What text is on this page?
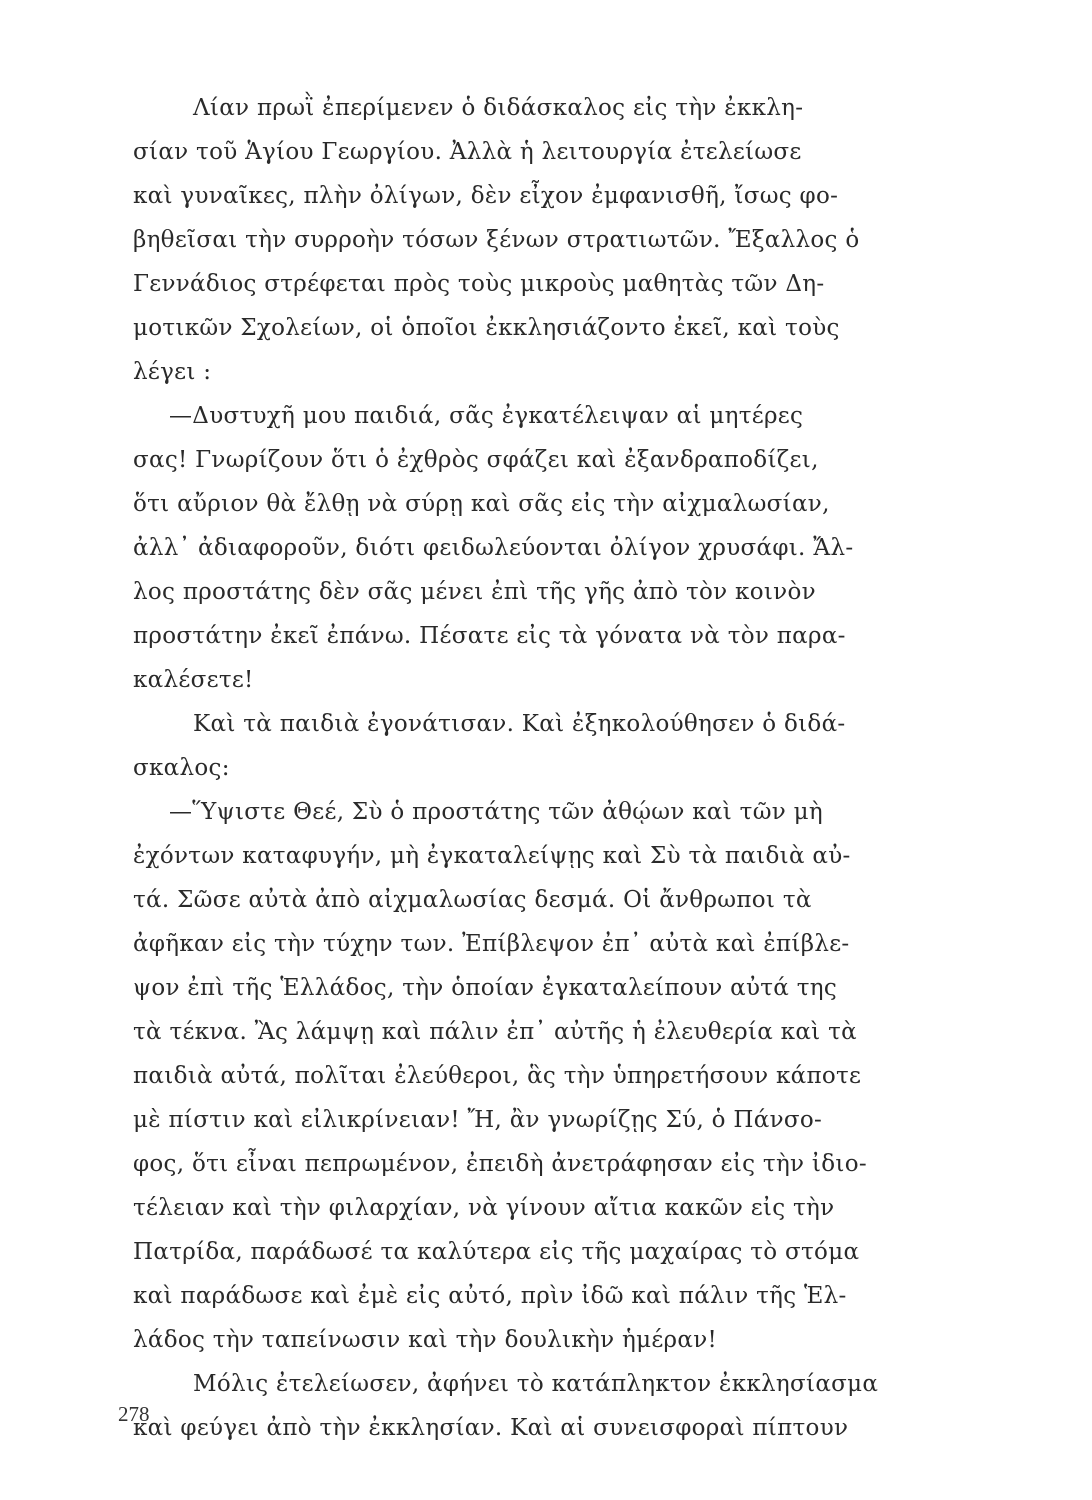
Λίαν πρωῒ ἐπερίμενεν ὁ διδάσκαλος εἰς τὴν ἐκκλη-
σίαν τοῦ Ἁγίου Γεωργίου. Ἀλλὰ ἡ λειτουργία ἐτελείωσε
καὶ γυναῖκες, πλὴν ὀλίγων, δὲν εἶχον ἐμφανισθῆ, ἴσως φο-
βηθεῖσαι τὴν συρροὴν τόσων ξένων στρατιωτῶν. Ἔξαλλος ὁ
Γεννάδιος στρέφεται πρὸς τοὺς μικροὺς μαθητὰς τῶν Δη-
μοτικῶν Σχολείων, οἱ ὁποῖοι ἐκκλησιάζοντο ἐκεῖ, καὶ τοὺς
λέγει :
—Δυστυχῆ μου παιδιά, σᾶς ἐγκατέλειψαν αἱ μητέρες
σας! Γνωρίζουν ὅτι ὁ ἐχθρὸς σφάζει καὶ ἐξανδραποδίζει,
ὅτι αὔριον θὰ ἔλθῃ νὰ σύρῃ καὶ σᾶς εἰς τὴν αἰχμαλωσίαν,
ἀλλ᾽ ἀδιαφοροῦν, διότι φειδωλεύονται ὀλίγον χρυσάφι. Ἄλ-
λος προστάτης δὲν σᾶς μένει ἐπὶ τῆς γῆς ἀπὸ τὸν κοινὸν
προστάτην ἐκεῖ ἐπάνω. Πέσατε εἰς τὰ γόνατα νὰ τὸν παρα-
καλέσετε!
Καὶ τὰ παιδιὰ ἐγονάτισαν. Καὶ ἐξηκολούθησεν ὁ διδά-
σκαλος:
—Ὕψιστε Θεέ, Σὺ ὁ προστάτης τῶν ἀθῴων καὶ τῶν μὴ
ἐχόντων καταφυγήν, μὴ ἐγκαταλείψῃς καὶ Σὺ τὰ παιδιὰ αὐ-
τά. Σῶσε αὐτὰ ἀπὸ αἰχμαλωσίας δεσμά. Οἱ ἄνθρωποι τὰ
ἀφῆκαν εἰς τὴν τύχην των. Ἐπίβλεψον ἐπ᾽ αὐτὰ καὶ ἐπίβλε-
ψον ἐπὶ τῆς Ἑλλάδος, τὴν ὁποίαν ἐγκαταλείπουν αὐτά της
τὰ τέκνα. Ἂς λάμψῃ καὶ πάλιν ἐπ᾽ αὐτῆς ἡ ἐλευθερία καὶ τὰ
παιδιὰ αὐτά, πολῖται ἐλεύθεροι, ἃς τὴν ὑπηρετήσουν κάποτε
μὲ πίστιν καὶ εἰλικρίνειαν! Ἤ, ἂν γνωρίζῃς Σύ, ὁ Πάνσο-
φος, ὅτι εἶναι πεπρωμένον, ἐπειδὴ ἀνετράφησαν εἰς τὴν ἰδιο-
τέλειαν καὶ τὴν φιλαρχίαν, νὰ γίνουν αἴτια κακῶν εἰς τὴν
Πατρίδα, παράδωσέ τα καλύτερα εἰς τῆς μαχαίρας τὸ στόμα
καὶ παράδωσε καὶ ἐμὲ εἰς αὐτό, πρὶν ἰδῶ καὶ πάλιν τῆς Ἑλ-
λάδος τὴν ταπείνωσιν καὶ τὴν δουλικὴν ἡμέραν!
Μόλις ἐτελείωσεν, ἀφήνει τὸ κατάπληκτον ἐκκλησίασμα
καὶ φεύγει ἀπὸ τὴν ἐκκλησίαν. Καὶ αἱ συνεισφοραὶ πίπτουν
278
